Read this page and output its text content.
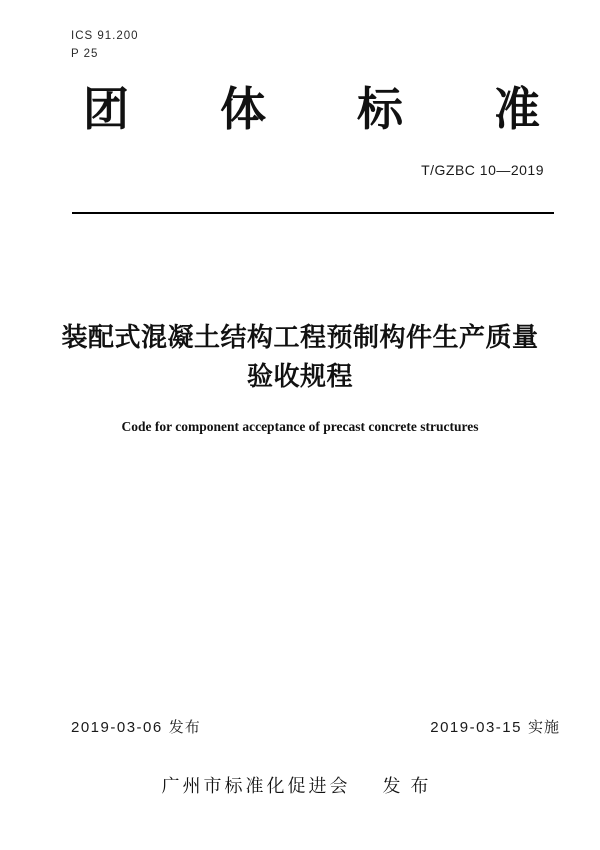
ICS 91.200
P 25
团 体 标 准
T/GZBC 10—2019
装配式混凝土结构工程预制构件生产质量
验收规程
Code for component acceptance of precast concrete structures
2019-03-06 发布	2019-03-15 实施
广州市标准化促进会 发布
